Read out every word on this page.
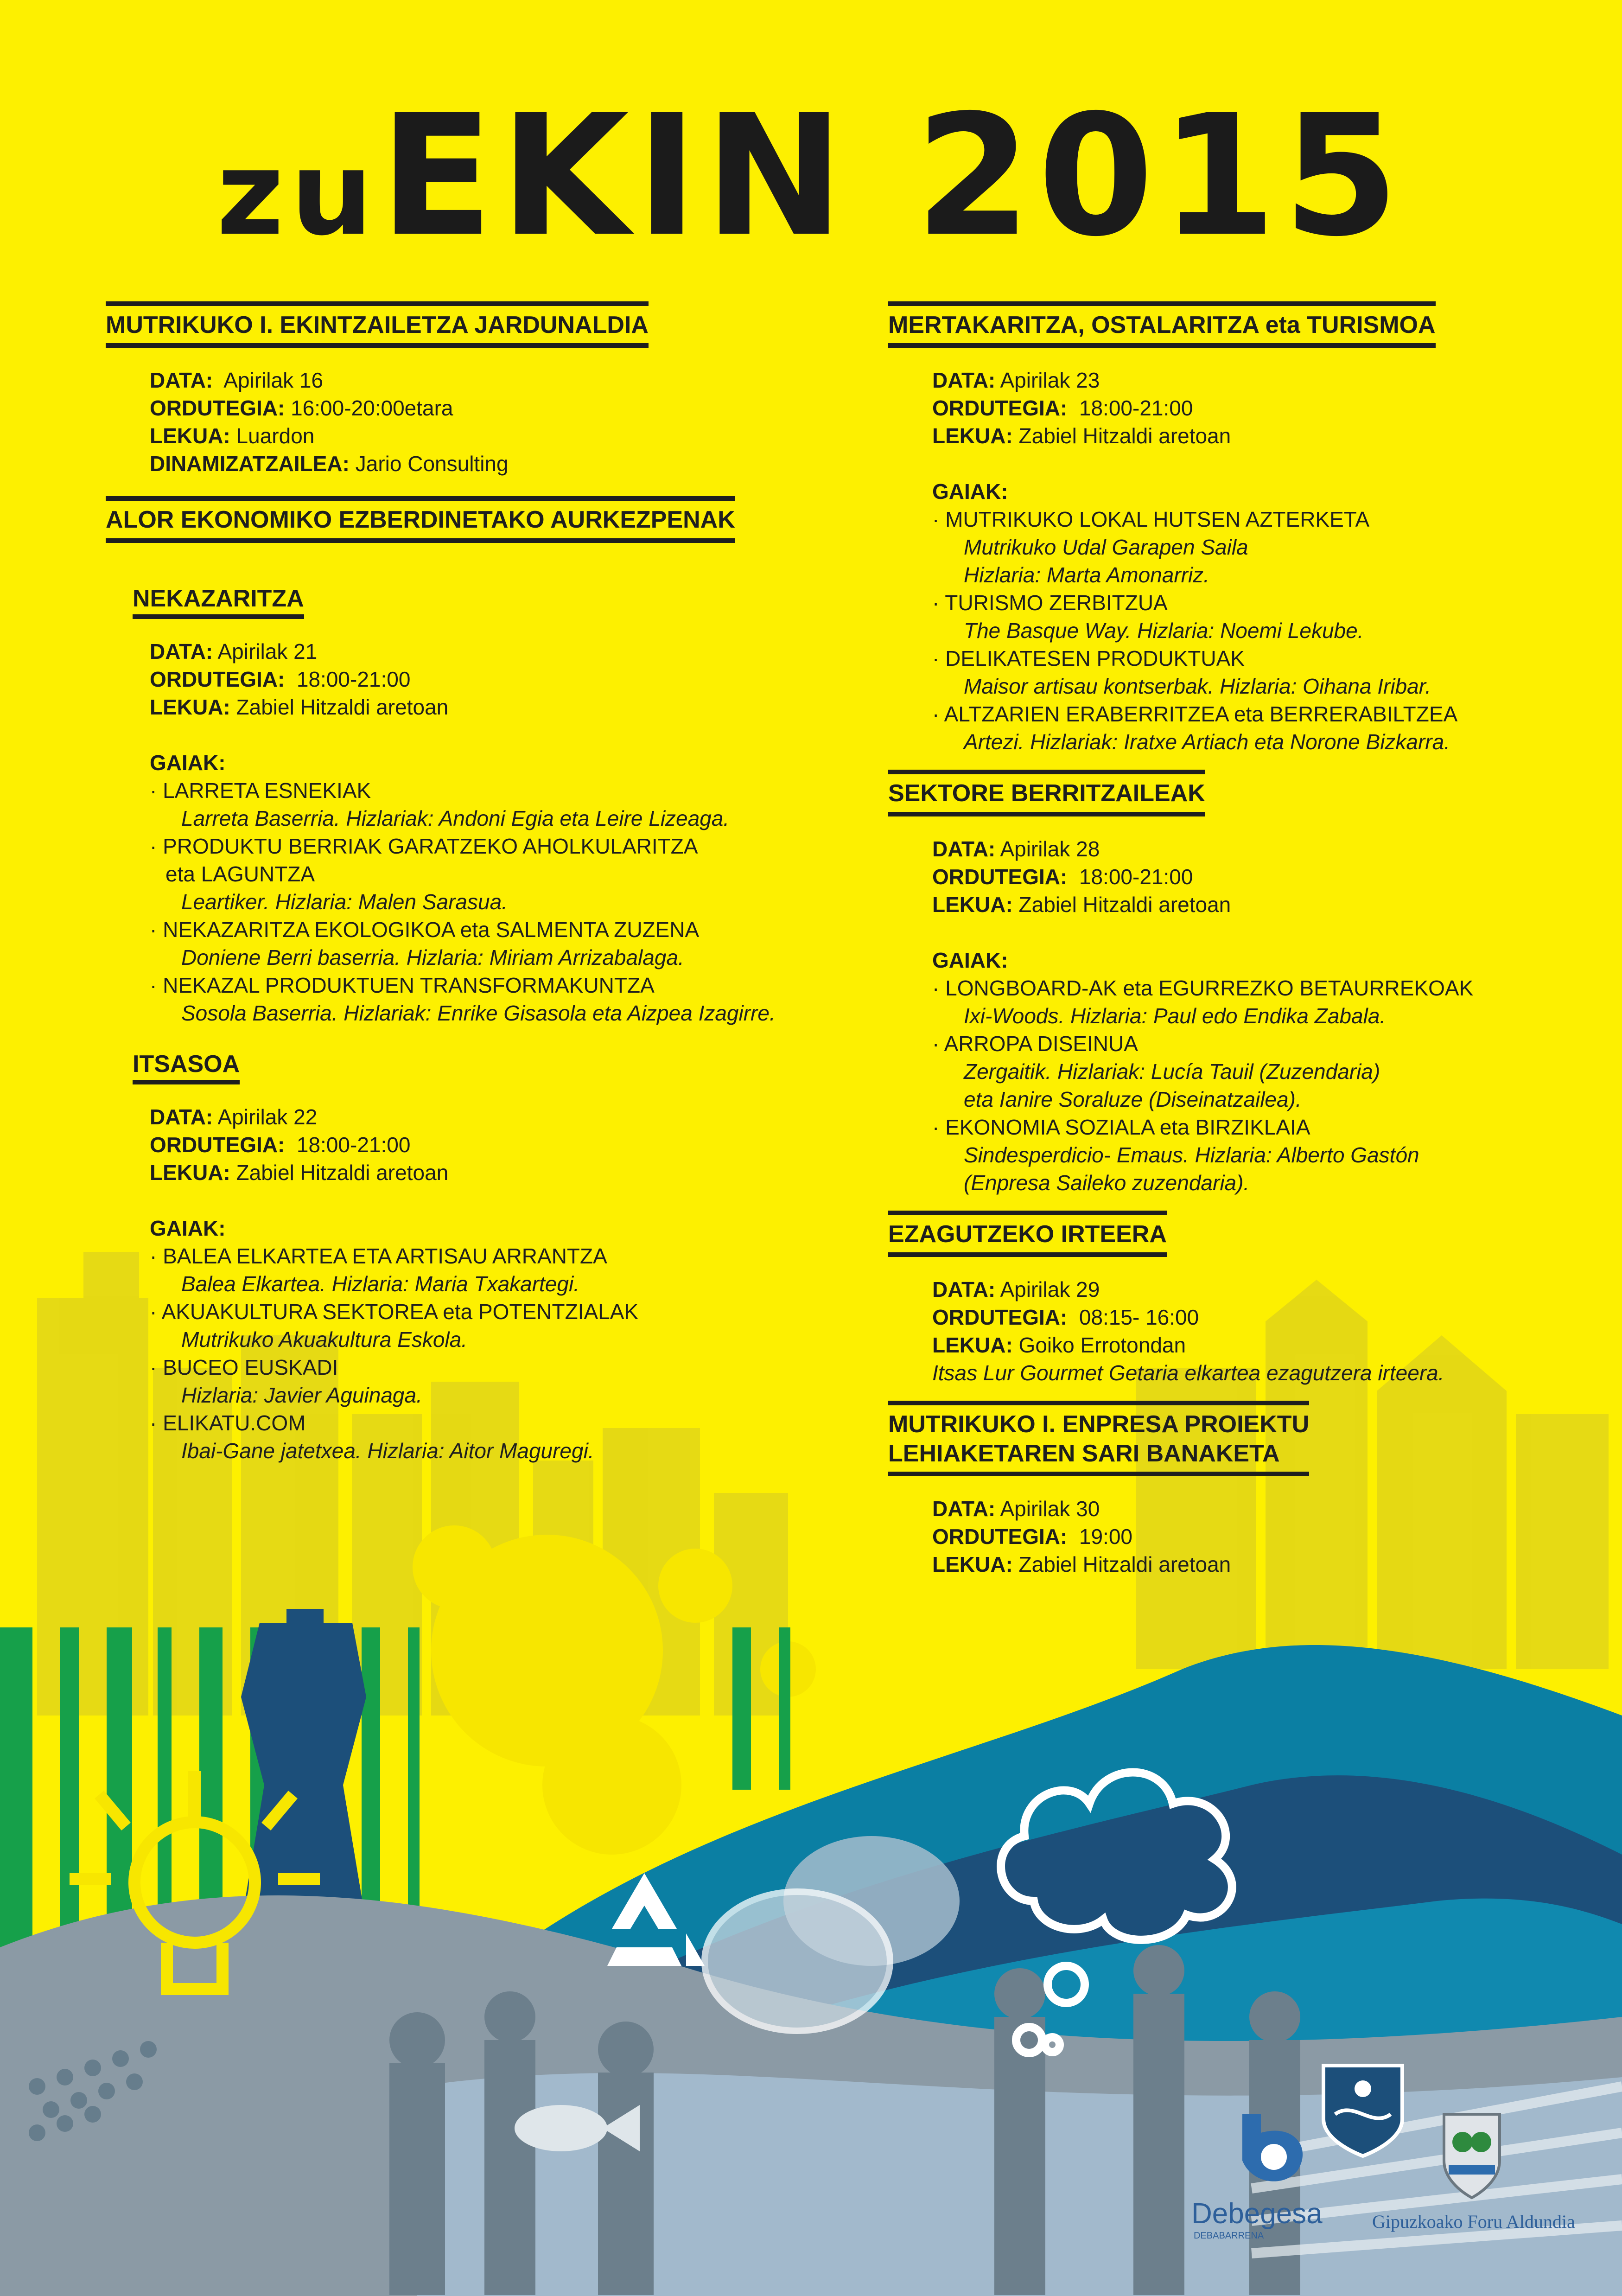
zuEKIN 2015
MUTRIKUKO I. EKINTZAILETZA JARDUNALDIA
DATA: Apirilak 16
ORDUTEGIA: 16:00-20:00etara
LEKUA: Luardon
DINAMIZATZAILEA: Jario Consulting
ALOR EKONOMIKO EZBERDINETAKO AURKEZPENAK NEKAZARITZA
DATA: Apirilak 21
ORDUTEGIA: 18:00-21:00
LEKUA: Zabiel Hitzaldi aretoan
GAIAK:
· LARRETA ESNEKIAK
Larreta Baserria. Hizlariak: Andoni Egia eta Leire Lizeaga.
· PRODUKTU BERRIAK GARATZEKO AHOLKULARITZA
eta LAGUNTZA
Leartiker. Hizlaria: Malen Sarasua.
· NEKAZARITZA EKOLOGIKOA eta SALMENTA ZUZENA
Doniene Berri baserria. Hizlaria: Miriam Arrizabalaga.
· NEKAZAL PRODUKTUEN TRANSFORMAKUNTZA
Sosola Baserria. Hizlariak: Enrike Gisasola eta Aizpea Izagirre.
ITSASOA
DATA: Apirilak 22
ORDUTEGIA: 18:00-21:00
LEKUA: Zabiel Hitzaldi aretoan
GAIAK:
· BALEA ELKARTEA ETA ARTISAU ARRANTZA
Balea Elkartea. Hizlaria: Maria Txakartegi.
· AKUAKULTURA SEKTOREA eta POTENTZIALAK
Mutrikuko Akuakultura Eskola.
· BUCEO EUSKADI
Hizlaria: Javier Aguinaga.
· ELIKATU.COM
Ibai-Gane jatetxea. Hizlaria: Aitor Maguregi.
MERTAKARITZA, OSTALARITZA eta TURISMOA
DATA: Apirilak 23
ORDUTEGIA: 18:00-21:00
LEKUA: Zabiel Hitzaldi aretoan
GAIAK:
· MUTRIKUKO LOKAL HUTSEN AZTERKETA
Mutrikuko Udal Garapen Saila
Hizlaria: Marta Amonarriz.
· TURISMO ZERBITZUA
The Basque Way. Hizlaria: Noemi Lekube.
· DELIKATESEN PRODUKTUAK
Maisor artisau kontserbak. Hizlaria: Oihana Iribar.
· ALTZARIEN ERABERRITZEA eta BERRERABILTZEA
Artezi. Hizlariak: Iratxe Artiach eta Norone Bizkarra.
SEKTORE BERRITZAILEAK
DATA: Apirilak 28
ORDUTEGIA: 18:00-21:00
LEKUA: Zabiel Hitzaldi aretoan
GAIAK:
· LONGBOARD-AK eta EGURREZKO BETAURREKOAK
Ixi-Woods. Hizlaria: Paul edo Endika Zabala.
· ARROPA DISEINUA
Zergaitik. Hizlariak: Lucía Tauil (Zuzendaria)
eta Ianire Soraluze (Diseinatzailea).
· EKONOMIA SOZIALA eta BIRZIKLAIA
Sindesperdicio- Emaus. Hizlaria: Alberto Gastón
(Enpresa Saileko zuzendaria).
EZAGUTZEKO IRTEERA
DATA: Apirilak 29
ORDUTEGIA: 08:15- 16:00
LEKUA: Goiko Errotondan
Itsas Lur Gourmet Getaria elkartea ezagutzera irteera.
MUTRIKUKO I. ENPRESA PROIEKTU
LEHIAKETAREN SARI BANAKETA
DATA: Apirilak 30
ORDUTEGIA: 19:00
LEKUA: Zabiel Hitzaldi aretoan
Debegesa
DEBABARRENA
Gipuzkoako Foru Aldundia
